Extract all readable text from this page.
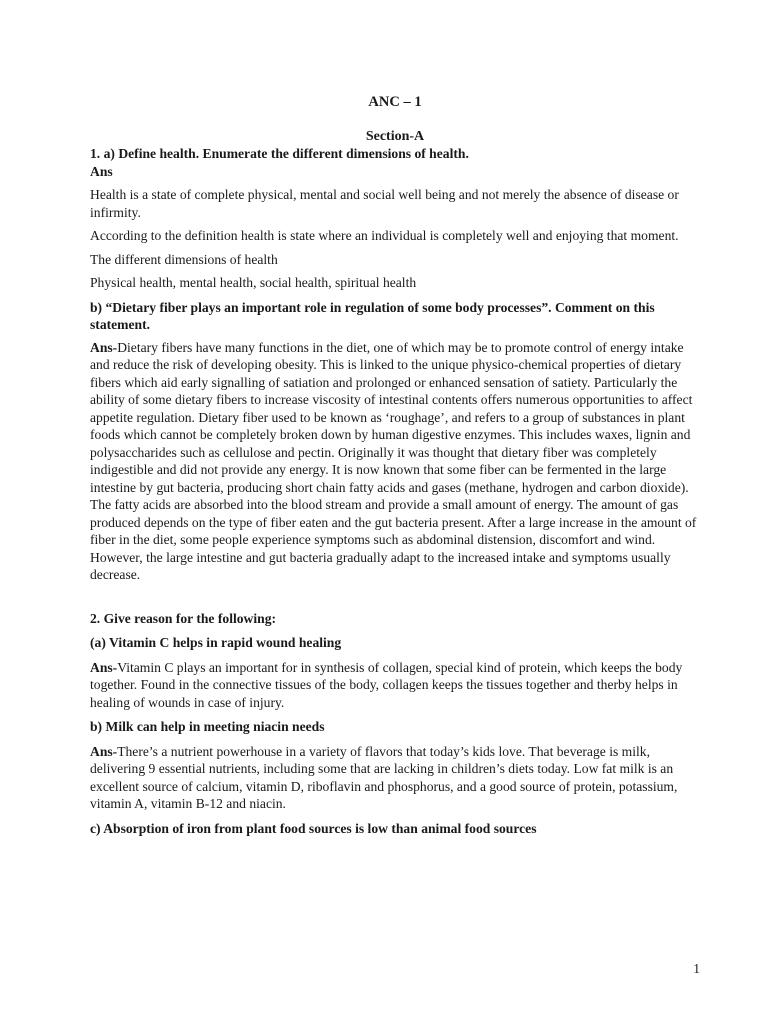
ANC – 1
Section-A
1. a) Define health. Enumerate the different dimensions of health.
Ans

Health is a state of complete physical, mental and social well being and not merely the absence of disease or infirmity.

According to the definition health is state where an individual is completely well and enjoying that moment.

The different dimensions of health

Physical health, mental health, social health, spiritual health

b) “Dietary fiber plays an important role in regulation of some body processes”. Comment on this statement.

Ans-Dietary fibers have many functions in the diet, one of which may be to promote control of energy intake and reduce the risk of developing obesity. This is linked to the unique physico-chemical properties of dietary fibers which aid early signalling of satiation and prolonged or enhanced sensation of satiety. Particularly the ability of some dietary fibers to increase viscosity of intestinal contents offers numerous opportunities to affect appetite regulation. Dietary fiber used to be known as ‘roughage’, and refers to a group of substances in plant foods which cannot be completely broken down by human digestive enzymes. This includes waxes, lignin and polysaccharides such as cellulose and pectin. Originally it was thought that dietary fiber was completely indigestible and did not provide any energy. It is now known that some fiber can be fermented in the large intestine by gut bacteria, producing short chain fatty acids and gases (methane, hydrogen and carbon dioxide). The fatty acids are absorbed into the blood stream and provide a small amount of energy. The amount of gas produced depends on the type of fiber eaten and the gut bacteria present. After a large increase in the amount of fiber in the diet, some people experience symptoms such as abdominal distension, discomfort and wind. However, the large intestine and gut bacteria gradually adapt to the increased intake and symptoms usually decrease.

2. Give reason for the following:
(a) Vitamin C helps in rapid wound healing

Ans-Vitamin C plays an important for in synthesis of collagen, special kind of protein, which keeps the body together. Found in the connective tissues of the body, collagen keeps the tissues together and therby helps in healing of wounds in case of injury.

b) Milk can help in meeting niacin needs

Ans-There’s a nutrient powerhouse in a variety of flavors that today’s kids love. That beverage is milk, delivering 9 essential nutrients, including some that are lacking in children’s diets today. Low fat milk is an excellent source of calcium, vitamin D, riboflavin and phosphorus, and a good source of protein, potassium, vitamin A, vitamin B-12 and niacin.

c) Absorption of iron from plant food sources is low than animal food sources
1
